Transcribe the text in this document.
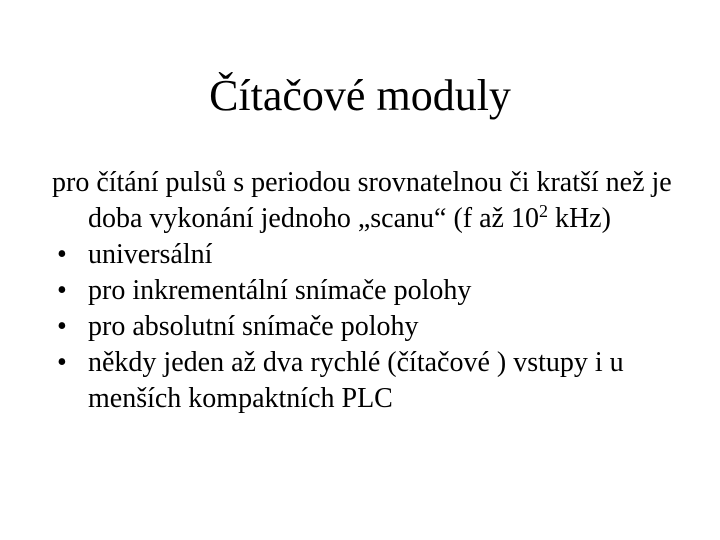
Čítačové moduly

pro čítání pulsů s periodou srovnatelnou či kratší než je doba vykonání jednoho „scanu“ (f až $10^2$ kHz)

• universální
• pro inkrementální snímače polohy
• pro absolutní snímače polohy
• někdy jeden až dva rychlé (čítačové ) vstupy i u menších kompaktních PLC
